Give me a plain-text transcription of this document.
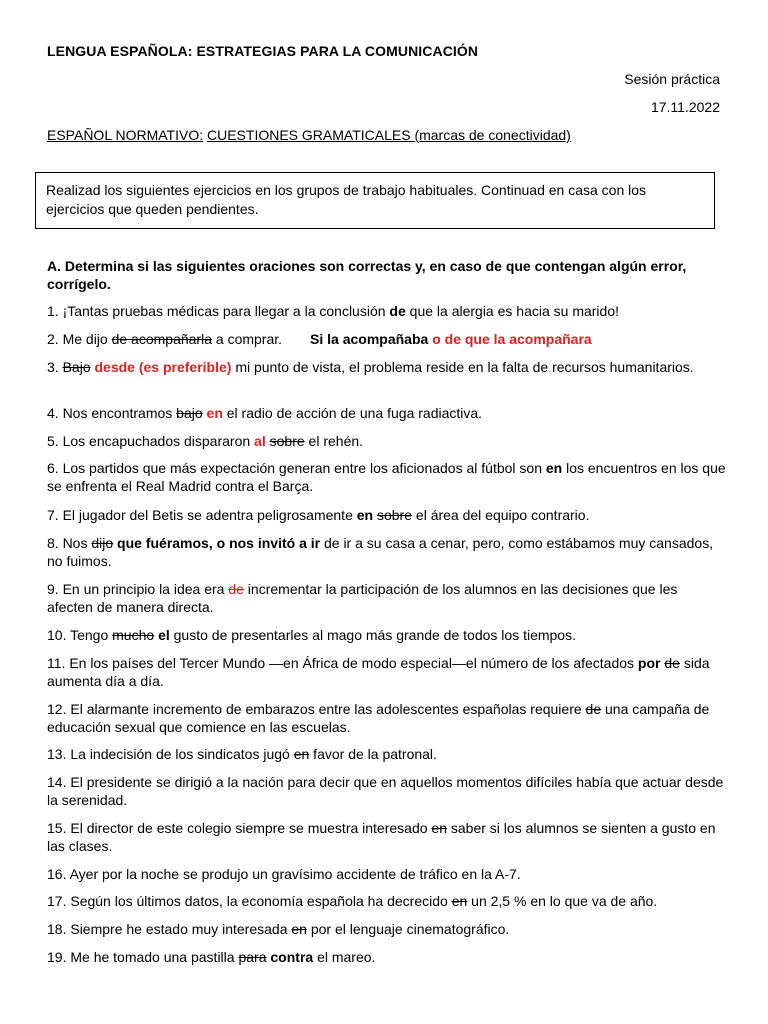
LENGUA ESPAÑOLA: ESTRATEGIAS PARA LA COMUNICACIÓN
Sesión práctica
17.11.2022
ESPAÑOL NORMATIVO: CUESTIONES GRAMATICALES (marcas de conectividad)
Realizad los siguientes ejercicios en los grupos de trabajo habituales. Continuad en casa con los ejercicios que queden pendientes.
A. Determina si las siguientes oraciones son correctas y, en caso de que contengan algún error, corrígelo.
1. ¡Tantas pruebas médicas para llegar a la conclusión de que la alergia es hacia su marido!
2. Me dijo de acompañarla a comprar. Si la acompañaba o de que la acompañara
3. Bajo desde (es preferible) mi punto de vista, el problema reside en la falta de recursos humanitarios.
4. Nos encontramos bajo en el radio de acción de una fuga radiactiva.
5. Los encapuchados dispararon al sobre el rehén.
6. Los partidos que más expectación generan entre los aficionados al fútbol son en los encuentros en los que se enfrenta el Real Madrid contra el Barça.
7. El jugador del Betis se adentra peligrosamente en sobre el área del equipo contrario.
8. Nos dijo que fuéramos, o nos invitó a ir de ir a su casa a cenar, pero, como estábamos muy cansados, no fuimos.
9. En un principio la idea era de incrementar la participación de los alumnos en las decisiones que les afecten de manera directa.
10. Tengo mucho el gusto de presentarles al mago más grande de todos los tiempos.
11. En los países del Tercer Mundo —en África de modo especial—el número de los afectados por de sida aumenta día a día.
12. El alarmante incremento de embarazos entre las adolescentes españolas requiere de una campaña de educación sexual que comience en las escuelas.
13. La indecisión de los sindicatos jugó en favor de la patronal.
14. El presidente se dirigió a la nación para decir que en aquellos momentos difíciles había que actuar desde la serenidad.
15. El director de este colegio siempre se muestra interesado en saber si los alumnos se sienten a gusto en las clases.
16. Ayer por la noche se produjo un gravísimo accidente de tráfico en la A-7.
17. Según los últimos datos, la economía española ha decrecido en un 2,5 % en lo que va de año.
18. Siempre he estado muy interesada en por el lenguaje cinematográfico.
19. Me he tomado una pastilla para contra el mareo.
